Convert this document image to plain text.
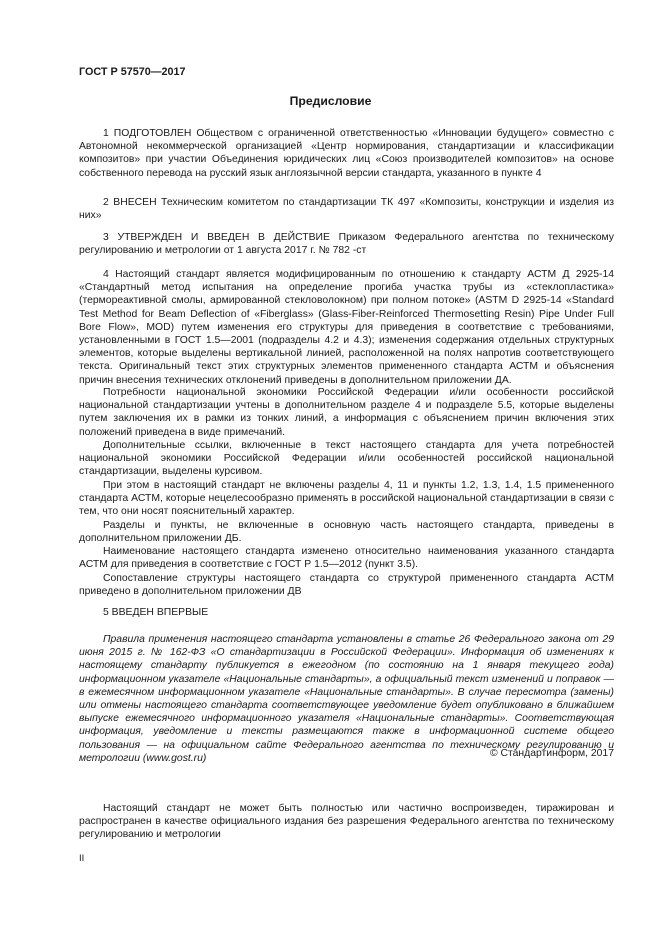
ГОСТ Р 57570—2017
Предисловие

1 ПОДГОТОВЛЕН Обществом с ограниченной ответственностью «Инновации будущего» совместно с Автономной некоммерческой организацией «Центр нормирования, стандартизации и классификации композитов» при участии Объединения юридических лиц «Союз производителей композитов» на основе собственного перевода на русский язык англоязычной версии стандарта, указанного в пункте 4

2 ВНЕСЕН Техническим комитетом по стандартизации ТК 497 «Композиты, конструкции и изделия из них»

3 УТВЕРЖДЕН И ВВЕДЕН В ДЕЙСТВИЕ Приказом Федерального агентства по техническому регулированию и метрологии от 1 августа 2017 г. № 782 -ст

4 Настоящий стандарт является модифицированным по отношению к стандарту АСТМ Д 2925-14 «Стандартный метод испытания на определение прогиба участка трубы из «стеклопластика» (термореактивной смолы, армированной стекловолокном) при полном потоке» (ASTM D 2925-14 «Standard Test Method for Beam Deflection of «Fiberglass» (Glass-Fiber-Reinforced Thermosetting Resin) Pipe Under Full Bore Flow», MOD) путем изменения его структуры для приведения в соответствие с требованиями, установленными в ГОСТ 1.5—2001 (подразделы 4.2 и 4.3); изменения содержания отдельных структурных элементов, которые выделены вертикальной линией, расположенной на полях напротив соответствующего текста. Оригинальный текст этих структурных элементов примененного стандарта АСТМ и объяснения причин внесения технических отклонений приведены в дополнительном приложении ДА.

Потребности национальной экономики Российской Федерации и/или особенности российской национальной стандартизации учтены в дополнительном разделе 4 и подразделе 5.5, которые выделены путем заключения их в рамки из тонких линий, а информация с объяснением причин включения этих положений приведена в виде примечаний.

Дополнительные ссылки, включенные в текст настоящего стандарта для учета потребностей национальной экономики Российской Федерации и/или особенностей российской национальной стандартизации, выделены курсивом.

При этом в настоящий стандарт не включены разделы 4, 11 и пункты 1.2, 1.3, 1.4, 1.5 примененного стандарта АСТМ, которые нецелесообразно применять в российской национальной стандартизации в связи с тем, что они носят пояснительный характер.

Разделы и пункты, не включенные в основную часть настоящего стандарта, приведены в дополнительном приложении ДБ.

Наименование настоящего стандарта изменено относительно наименования указанного стандарта АСТМ для приведения в соответствие с ГОСТ Р 1.5—2012 (пункт 3.5).

Сопоставление структуры настоящего стандарта со структурой примененного стандарта АСТМ приведено в дополнительном приложении ДВ

5 ВВЕДЕН ВПЕРВЫЕ

Правила применения настоящего стандарта установлены в статье 26 Федерального закона от 29 июня 2015 г. № 162-ФЗ «О стандартизации в Российской Федерации». Информация об изменениях к настоящему стандарту публикуется в ежегодном (по состоянию на 1 января текущего года) информационном указателе «Национальные стандарты», а официальный текст изменений и поправок — в ежемесячном информационном указателе «Национальные стандарты». В случае пересмотра (замены) или отмены настоящего стандарта соответствующее уведомление будет опубликовано в ближайшем выпуске ежемесячного информационного указателя «Национальные стандарты». Соответствующая информация, уведомление и тексты размещаются также в информационной системе общего пользования — на официальном сайте Федерального агентства по техническому регулированию и метрологии (www.gost.ru)	© Стандартинформ, 2017

Настоящий стандарт не может быть полностью или частично воспроизведен, тиражирован и распространен в качестве официального издания без разрешения Федерального агентства по техническому регулированию и метрологии

II
